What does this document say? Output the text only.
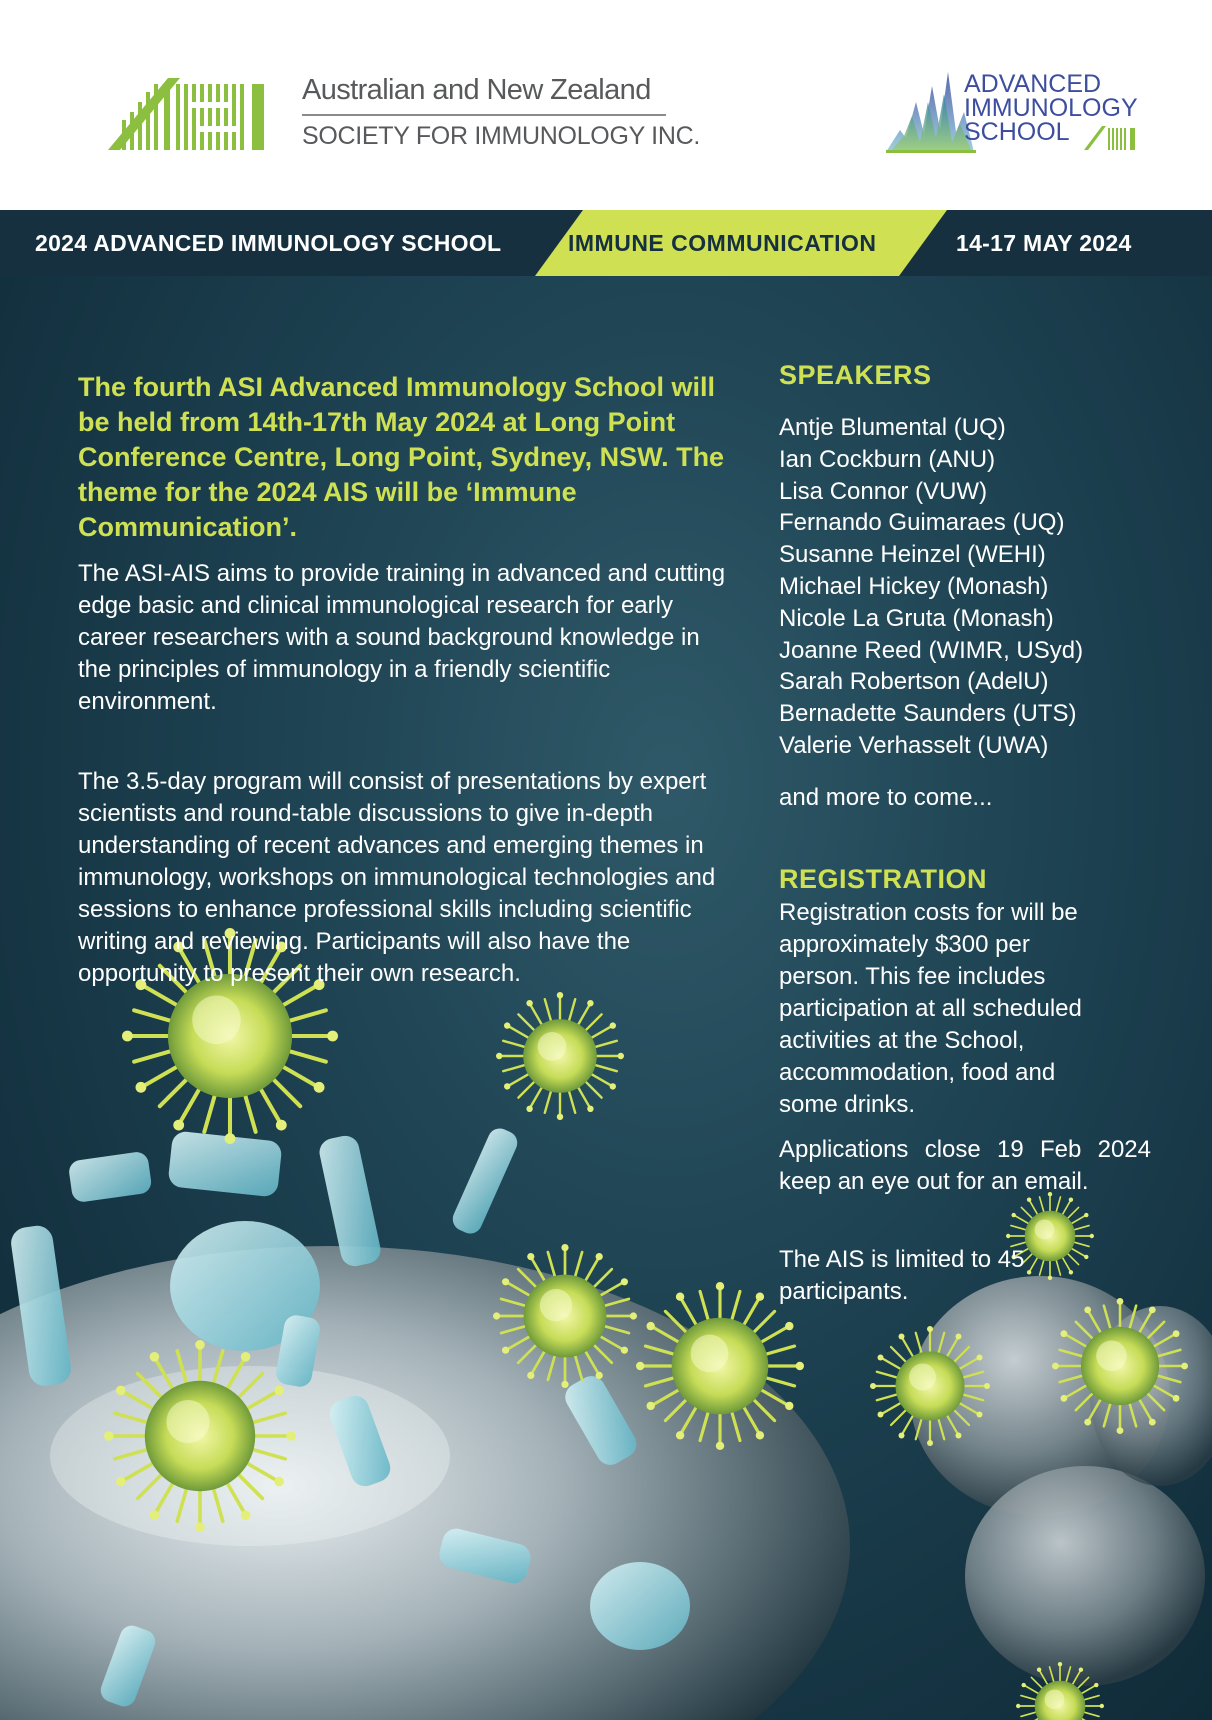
Australian and New Zealand
SOCIETY FOR IMMUNOLOGY INC.
ADVANCED
IMMUNOLOGY
SCHOOL
2024 ADVANCED IMMUNOLOGY SCHOOL	IMMUNE COMMUNICATION	14-17 MAY 2024
The fourth ASI Advanced Immunology School will be held from 14th-17th May 2024 at Long Point Conference Centre, Long Point, Sydney, NSW. The theme for the 2024 AIS will be ‘Immune Communication’.
The ASI-AIS aims to provide training in advanced and cutting edge basic and clinical immunological research for early career researchers with a sound background knowledge in the principles of immunology in a friendly scientific environment.
The 3.5-day program will consist of presentations by expert scientists and round-table discussions to give in-depth understanding of recent advances and emerging themes in immunology, workshops on immunological technologies and sessions to enhance professional skills including scientific writing and reviewing. Participants will also have the opportunity to present their own research.
SPEAKERS
Antje Blumental (UQ)
Ian Cockburn (ANU)
Lisa Connor (VUW)
Fernando Guimaraes (UQ)
Susanne Heinzel (WEHI)
Michael Hickey (Monash)
Nicole La Gruta (Monash)
Joanne Reed (WIMR, USyd)
Sarah Robertson (AdelU)
Bernadette Saunders (UTS)
Valerie Verhasselt (UWA)
and more to come...
REGISTRATION
Registration costs for will be approximately $300 per person. This fee includes participation at all scheduled activities at the School, accommodation, food and some drinks.
Applications close 19 Feb 2024 keep an eye out for an email.
The AIS is limited to 45 participants.
